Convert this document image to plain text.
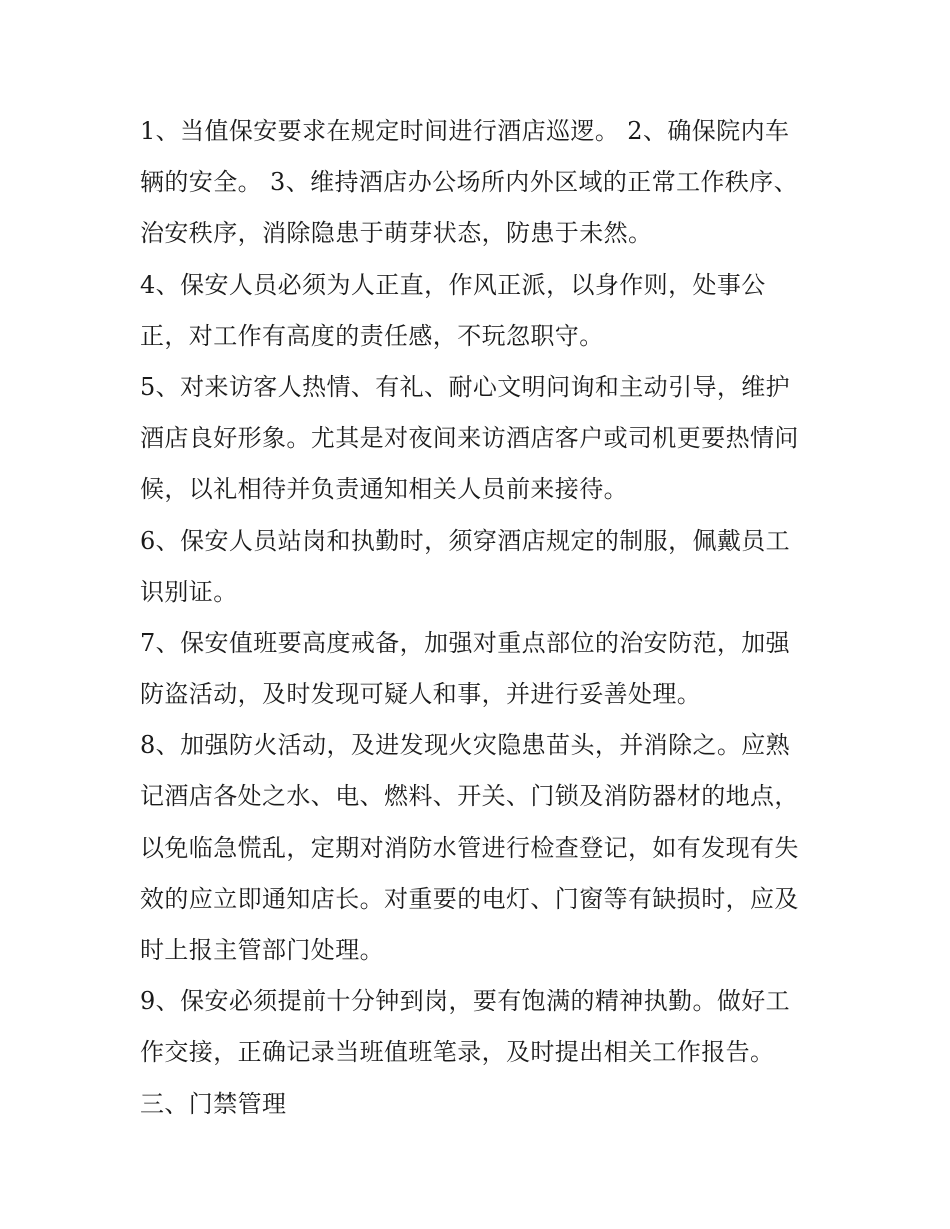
1、当值保安要求在规定时间进行酒店巡逻。 2、确保院内车
辆的安全。 3、维持酒店办公场所内外区域的正常工作秩序、
治安秩序，消除隐患于萌芽状态，防患于未然。
4、保安人员必须为人正直，作风正派，以身作则，处事公
正，对工作有高度的责任感，不玩忽职守。
5、对来访客人热情、有礼、耐心文明问询和主动引导，维护
酒店良好形象。尤其是对夜间来访酒店客户或司机更要热情问
候，以礼相待并负责通知相关人员前来接待。
6、保安人员站岗和执勤时，须穿酒店规定的制服，佩戴员工
识别证。
7、保安值班要高度戒备，加强对重点部位的治安防范，加强
防盗活动，及时发现可疑人和事，并进行妥善处理。
8、加强防火活动，及进发现火灾隐患苗头，并消除之。应熟
记酒店各处之水、电、燃料、开关、门锁及消防器材的地点，
以免临急慌乱，定期对消防水管进行检查登记，如有发现有失
效的应立即通知店长。对重要的电灯、门窗等有缺损时，应及
时上报主管部门处理。
9、保安必须提前十分钟到岗，要有饱满的精神执勤。做好工
作交接，正确记录当班值班笔录，及时提出相关工作报告。
三、门禁管理
